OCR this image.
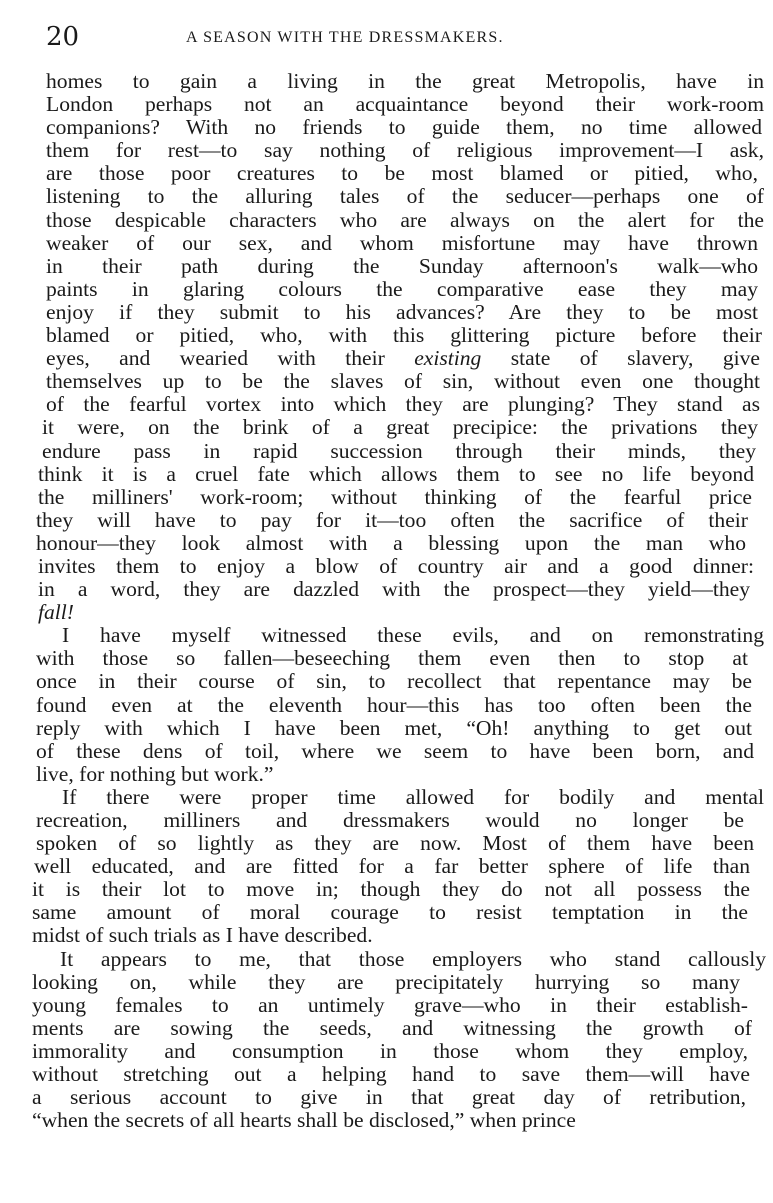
20	A SEASON WITH THE DRESSMAKERS.
homes to gain a living in the great Metropolis, have in
London perhaps not an acquaintance beyond their work-room
companions? With no friends to guide them, no time allowed
them for rest—to say nothing of religious improvement—I ask,
are those poor creatures to be most blamed or pitied, who,
listening to the alluring tales of the seducer—perhaps one of
those despicable characters who are always on the alert for the
weaker of our sex, and whom misfortune may have thrown
in their path during the Sunday afternoon's walk—who
paints in glaring colours the comparative ease they may
enjoy if they submit to his advances? Are they to be most
blamed or pitied, who, with this glittering picture before their
eyes, and wearied with their existing state of slavery, give
themselves up to be the slaves of sin, without even one thought
of the fearful vortex into which they are plunging? They stand as
it were, on the brink of a great precipice: the privations they
endure pass in rapid succession through their minds, they
think it is a cruel fate which allows them to see no life beyond
the milliners' work-room; without thinking of the fearful price
they will have to pay for it—too often the sacrifice of their
honour—they look almost with a blessing upon the man who
invites them to enjoy a blow of country air and a good dinner:
in a word, they are dazzled with the prospect—they yield—they
fall!
I have myself witnessed these evils, and on remonstrating
with those so fallen—beseeching them even then to stop at
once in their course of sin, to recollect that repentance may be
found even at the eleventh hour—this has too often been the
reply with which I have been met, “Oh! anything to get out
of these dens of toil, where we seem to have been born, and
live, for nothing but work.”
If there were proper time allowed for bodily and mental
recreation, milliners and dressmakers would no longer be
spoken of so lightly as they are now. Most of them have been
well educated, and are fitted for a far better sphere of life than
it is their lot to move in; though they do not all possess the
same amount of moral courage to resist temptation in the
midst of such trials as I have described.
It appears to me, that those employers who stand callously
looking on, while they are precipitately hurrying so many
young females to an untimely grave—who in their establish-
ments are sowing the seeds, and witnessing the growth of
immorality and consumption in those whom they employ,
without stretching out a helping hand to save them—will have
a serious account to give in that great day of retribution,
“when the secrets of all hearts shall be disclosed,” when prince
